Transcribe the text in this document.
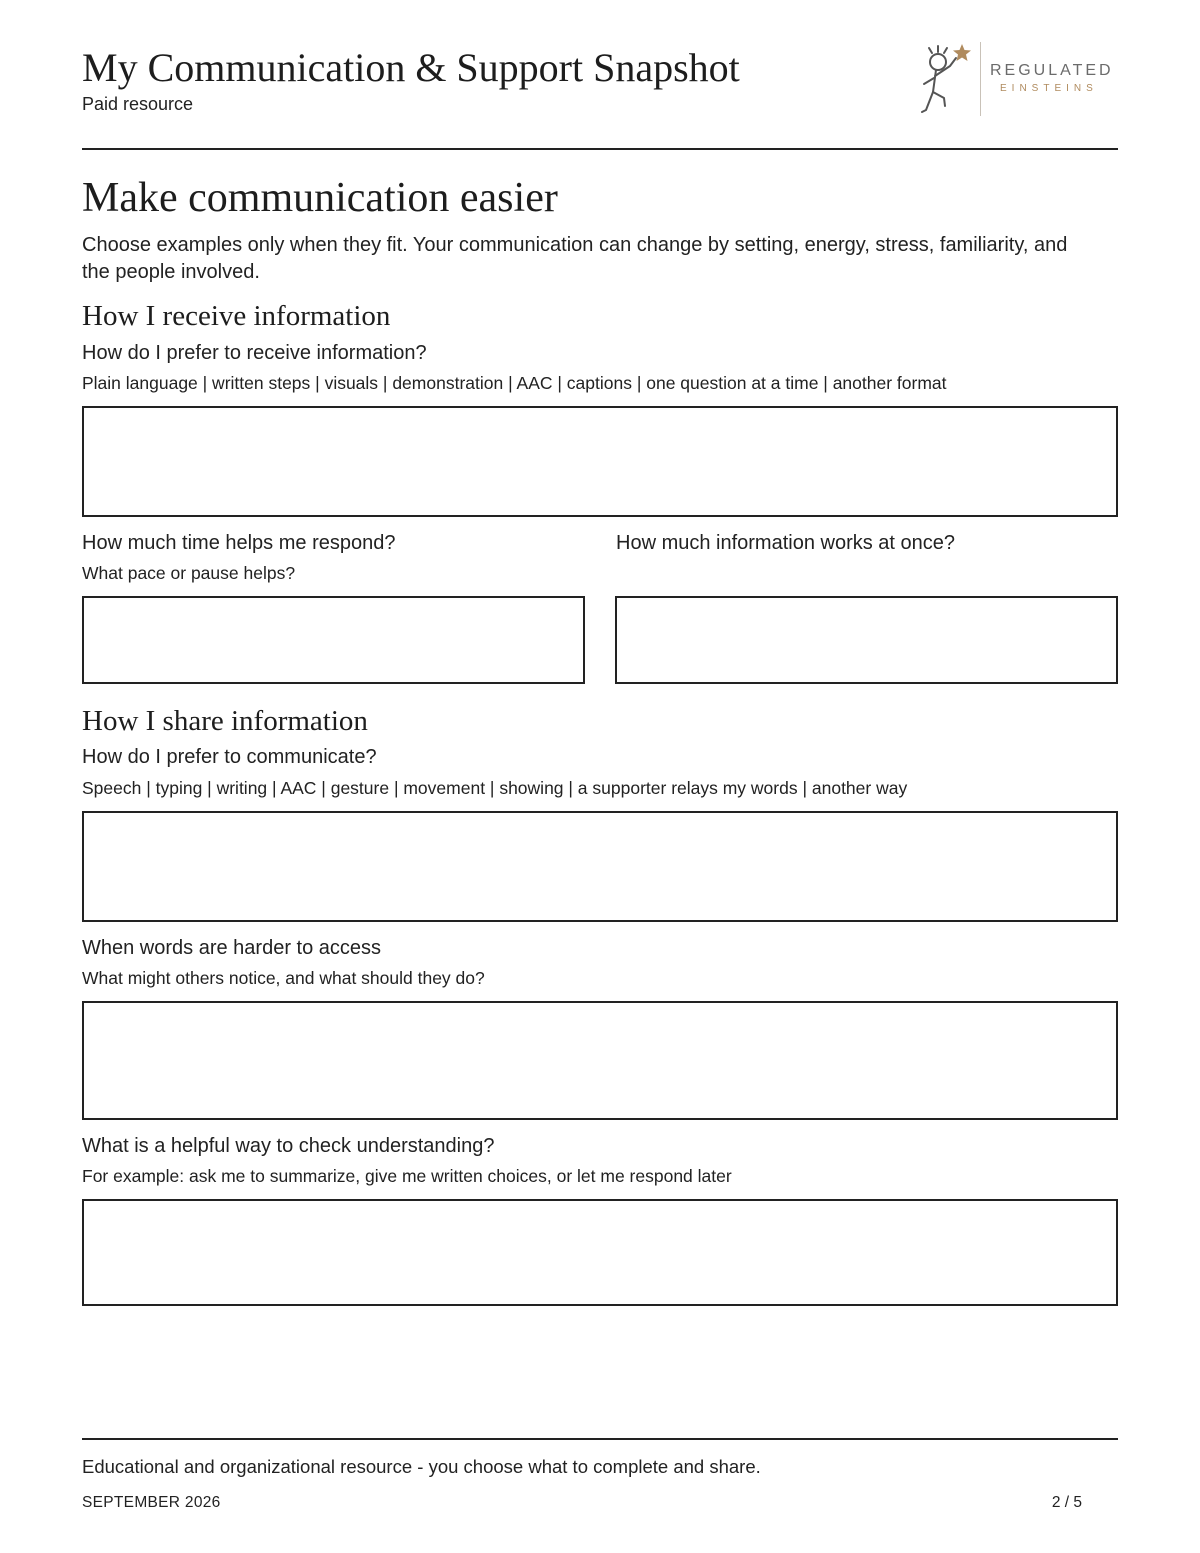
My Communication & Support Snapshot
Paid resource
REGULATED
EINSTEINS
Make communication easier
Choose examples only when they fit. Your communication can change by setting, energy, stress, familiarity, and the people involved.
How I receive information
How do I prefer to receive information?
Plain language | written steps | visuals | demonstration | AAC | captions | one question at a time | another format
How much time helps me respond?
What pace or pause helps?
How much information works at once?
How I share information
How do I prefer to communicate?
Speech | typing | writing | AAC | gesture | movement | showing | a supporter relays my words | another way
When words are harder to access
What might others notice, and what should they do?
What is a helpful way to check understanding?
For example: ask me to summarize, give me written choices, or let me respond later
Educational and organizational resource - you choose what to complete and share.
SEPTEMBER 2026	2 / 5
